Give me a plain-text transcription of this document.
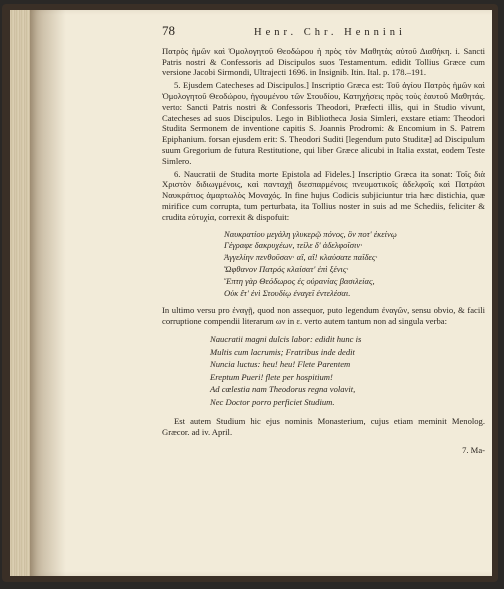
78	Henr. Chr. Hennini

Πατρὸς ἡμῶν καὶ Ὁμολογητοῦ Θεοδώρου ἡ πρὸς τὸν Μαθητὰς αὐτοῦ Διαθήκη. i. Sancti Patris nostri & Confessoris ad Discipulos suos Testamentum. edidit Tollius Græce cum versione Jacobi Sirmondi, Ultrajecti 1696. in Insignib. Itin. Ital. p. 178.–191.

5. Ejusdem Catecheses ad Discipulos.] Inscriptio Græca est: Τοῦ ἁγίου Πατρὸς ἡμῶν καὶ Ὁμολογητοῦ Θεοδώρου, ἡγουμένου τῶν Στουδίου, Κατηχήσεις πρὸς τοὺς ἑαυτοῦ Μαθητάς. verto: Sancti Patris nostri & Confessoris Theodori, Præfecti illis, qui in Studio vivunt, Catecheses ad suos Discipulos. Lego in Bibliotheca Josia Simleri, exstare etiam: Theodori Studita Sermonem de inventione capitis S. Joannis Prodromi: & Encomium in S. Patrem Epiphanium. forsan ejusdem erit: S. Theodori Suditi [legendum puto Studitæ] ad Discipulum suum Gregorium de futura Restitutione, qui liber Græce alicubi in Italia exstat, eodem Teste Simlero.

6. Naucratii de Studita morte Epistola ad Fideles.] Inscriptio Græca ita sonat: Τοῖς διὰ Χριστὸν διδιωγμένοις, καὶ πανταχῇ διεσπαρμένοις πνευματικοῖς ἀδελφοῖς καὶ Πατράσι Ναυκράτιος ἁμαρτωλὸς Μοναχός. In fine hujus Codicis subjiciuntur tria hæc distichia, quæ mirifice cum corrupta, tum perturbata, ita Tollius noster in suis ad me Schediis, feliciter & crudita εὐτυχία, correxit & dispofuit:

Ναυκρατίου μεγάλη γλυκερῷ πόνος, ὃν ποτ' ἐκείνῳ
Γέγραφε δακρυχέων, τείλε δ' ἀδελφοῖσιν·
Ἀγγελίην πενθοῦσαν· αἲ, αἲ! κλαύσατε παῖδες·
Ὤφθανον Πατρός κλαίσατ' ἐπὶ ξένις·
Ἔπτη γὰρ Θεόδωρος ἐς οὐρανίας βασιλείας,
Οὐκ ἔτ' ἐνὶ Στουδίῳ ἐναγεῖ ἐντελέσαι.

In ultimo versu pro ἐναγῇ, quod non assequor, puto legendum ἐναγῶν, sensu obvio, & facili corruptione compendii literarum ων in ε. verto autem tantum non ad singula verba:

Naucratii magni dulcis labor: edidit hunc is
Multis cum lacrumis; Fratribus inde dedit
Nuncia luctus: heu! heu! Flete Parentem
Ereptum Pueri! flete per hospitium!
Ad cœlestia nam Theodorus regna volavit,
Nec Doctor porro perficiet Studium.

Est autem Studium hic ejus nominis Monasterium, cujus etiam meminit Menolog. Græcor. ad iv. April.

7. Ma-
